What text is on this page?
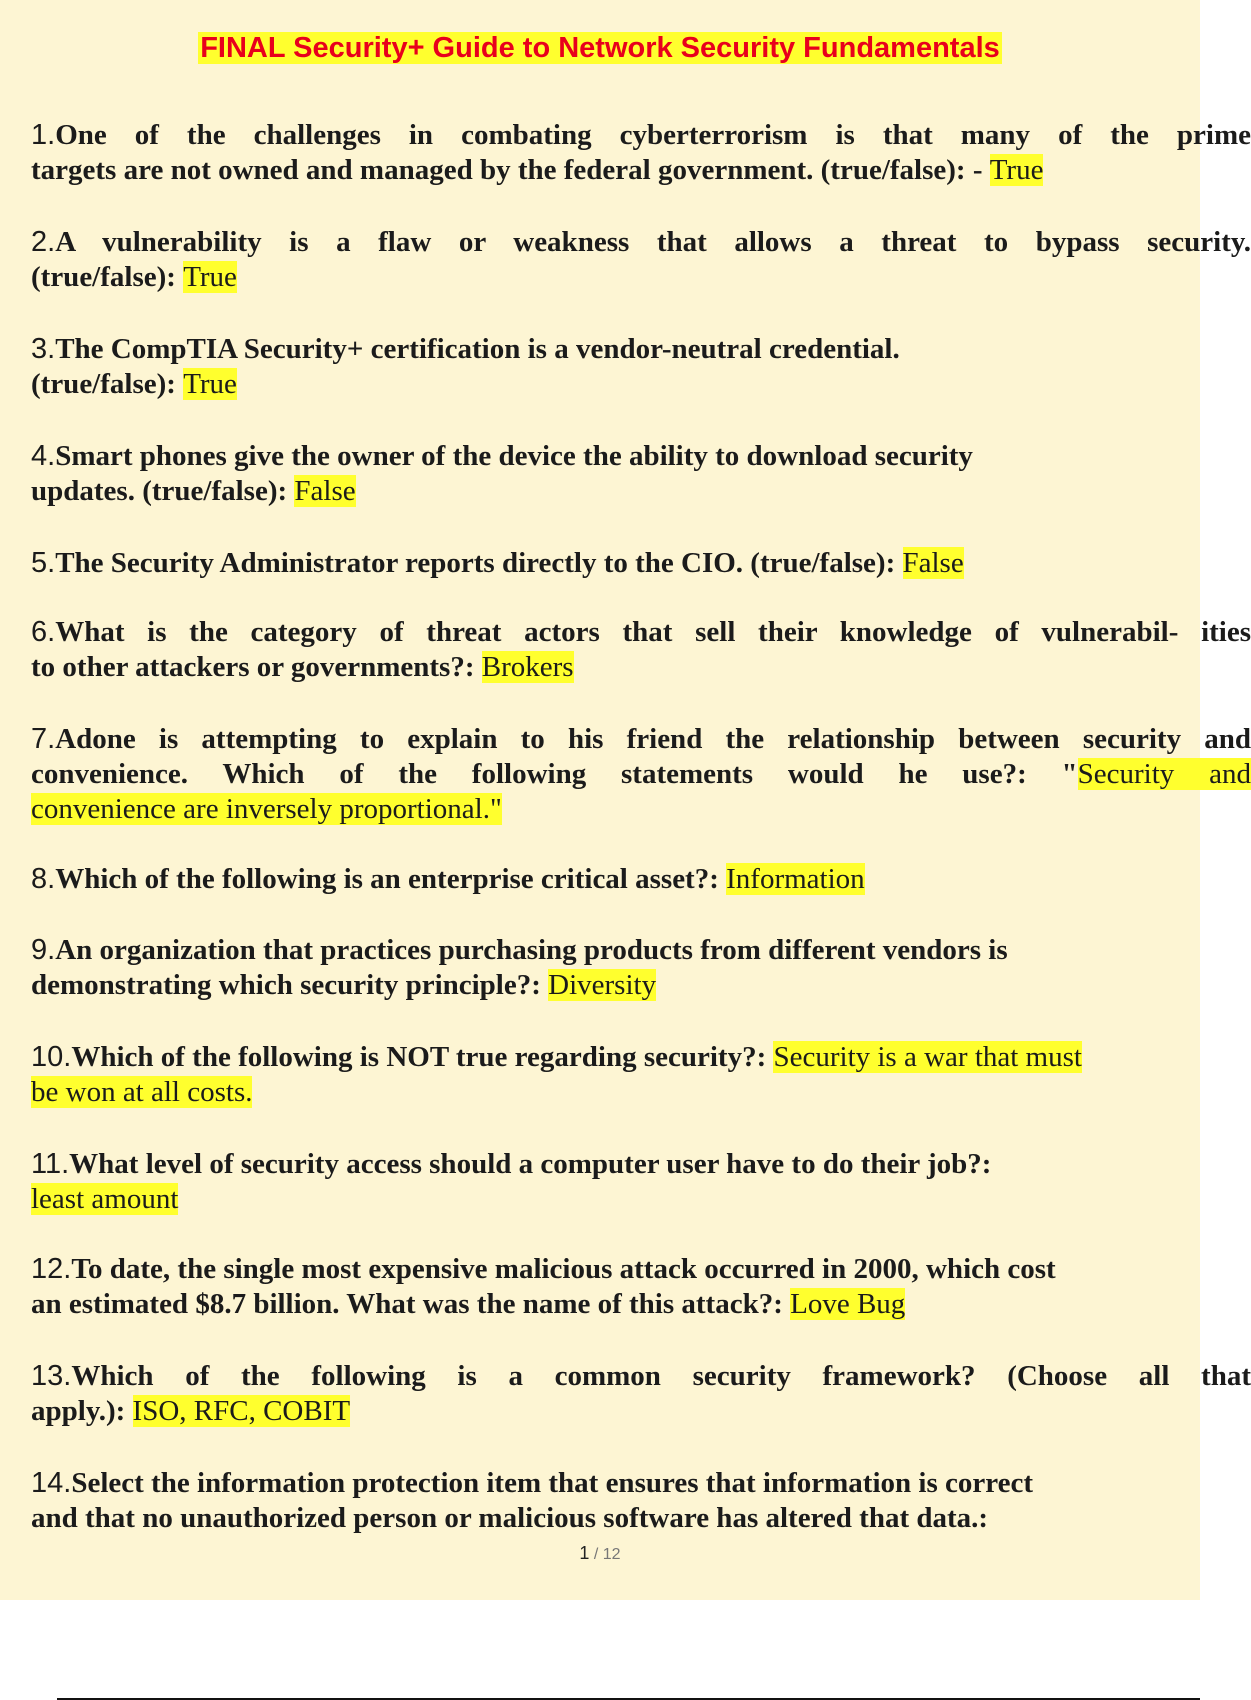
FINAL Security+ Guide to Network Security Fundamentals
1.One of the challenges in combating cyberterrorism is that many of the prime
targets are not owned and managed by the federal government. (true/false): - True
2.A vulnerability is a flaw or weakness that allows a threat to bypass security.
(true/false): True
3.The CompTIA Security+ certification is a vendor-neutral credential.
(true/false): True
4.Smart phones give the owner of the device the ability to download security
updates. (true/false): False
5.The Security Administrator reports directly to the CIO. (true/false): False
6.What is the category of threat actors that sell their knowledge of vulnerabil- ities
to other attackers or governments?: Brokers
7.Adone is attempting to explain to his friend the relationship between security and
convenience. Which of the following statements would he use?: "Security and
convenience are inversely proportional."
8.Which of the following is an enterprise critical asset?: Information
9.An organization that practices purchasing products from different vendors is
demonstrating which security principle?: Diversity
10.Which of the following is NOT true regarding security?: Security is a war that must
be won at all costs.
11.What level of security access should a computer user have to do their job?:
least amount
12.To date, the single most expensive malicious attack occurred in 2000, which cost
an estimated $8.7 billion. What was the name of this attack?: Love Bug
13.Which of the following is a common security framework? (Choose all that
apply.): ISO, RFC, COBIT
14.Select the information protection item that ensures that information is correct
and that no unauthorized person or malicious software has altered that data.:
1 / 12
